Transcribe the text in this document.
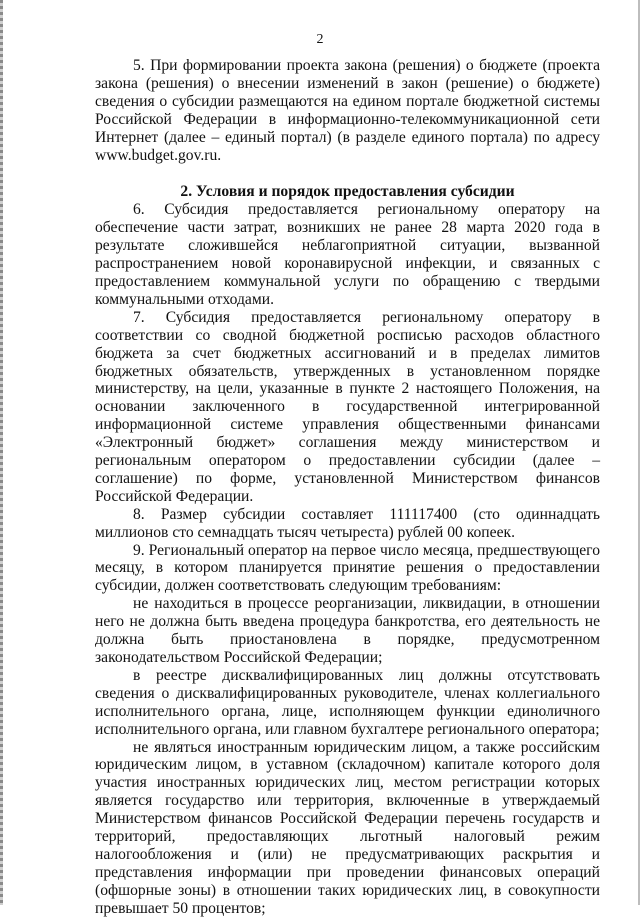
2

5. При формировании проекта закона (решения) о бюджете (проекта закона (решения) о внесении изменений в закон (решение) о бюджете) сведения о субсидии размещаются на едином портале бюджетной системы Российской Федерации в информационно-телекоммуникационной сети Интернет (далее – единый портал) (в разделе единого портала) по адресу www.budget.gov.ru.

2. Условия и порядок предоставления субсидии

6. Субсидия предоставляется региональному оператору на обеспечение части затрат, возникших не ранее 28 марта 2020 года в результате сложившейся неблагоприятной ситуации, вызванной распространением новой коронавирусной инфекции, и связанных с предоставлением коммунальной услуги по обращению с твердыми коммунальными отходами.

7. Субсидия предоставляется региональному оператору в соответствии со сводной бюджетной росписью расходов областного бюджета за счет бюджетных ассигнований и в пределах лимитов бюджетных обязательств, утвержденных в установленном порядке министерству, на цели, указанные в пункте 2 настоящего Положения, на основании заключенного в государственной интегрированной информационной системе управления общественными финансами «Электронный бюджет» соглашения между министерством и региональным оператором о предоставлении субсидии (далее – соглашение) по форме, установленной Министерством финансов Российской Федерации.

8. Размер субсидии составляет 111117400 (сто одиннадцать миллионов сто семнадцать тысяч четыреста) рублей 00 копеек.

9. Региональный оператор на первое число месяца, предшествующего месяцу, в котором планируется принятие решения о предоставлении субсидии, должен соответствовать следующим требованиям:

не находиться в процессе реорганизации, ликвидации, в отношении него не должна быть введена процедура банкротства, его деятельность не должна быть приостановлена в порядке, предусмотренном законодательством Российской Федерации;

в реестре дисквалифицированных лиц должны отсутствовать сведения о дисквалифицированных руководителе, членах коллегиального исполнительного органа, лице, исполняющем функции единоличного исполнительного органа, или главном бухгалтере регионального оператора;

не являться иностранным юридическим лицом, а также российским юридическим лицом, в уставном (складочном) капитале которого доля участия иностранных юридических лиц, местом регистрации которых является государство или территория, включенные в утверждаемый Министерством финансов Российской Федерации перечень государств и территорий, предоставляющих льготный налоговый режим налогообложения и (или) не предусматривающих раскрытия и представления информации при проведении финансовых операций (офшорные зоны) в отношении таких юридических лиц, в совокупности превышает 50 процентов;
